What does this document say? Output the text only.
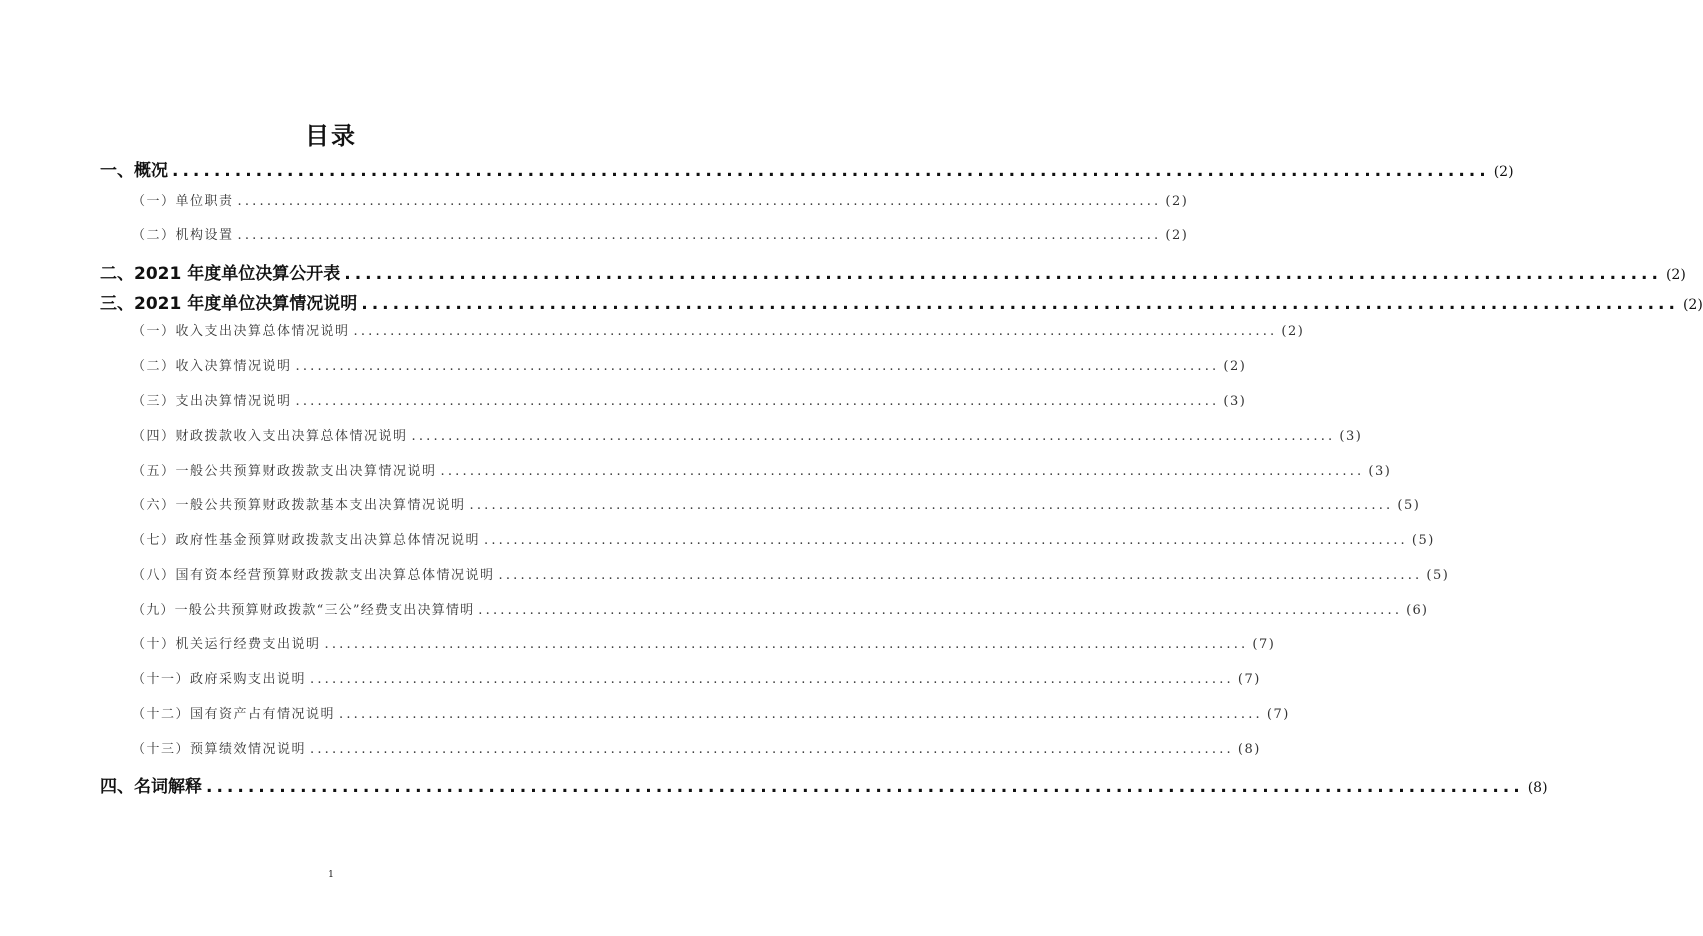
目录
一、概况 .............................................................................................................................. (2)
（一）单位职责 .............................................................................................................................. (2)
（二）机构设置 .............................................................................................................................. (2)
二、2021 年度单位决算公开表 .............................................................................................................................. (2)
三、2021 年度单位决算情况说明 .............................................................................................................................. (2)
（一）收入支出决算总体情况说明 .............................................................................................................................. (2)
（二）收入决算情况说明 .............................................................................................................................. (2)
（三）支出决算情况说明 .............................................................................................................................. (3)
（四）财政拨款收入支出决算总体情况说明 .............................................................................................................................. (3)
（五）一般公共预算财政拨款支出决算情况说明 .............................................................................................................................. (3)
（六）一般公共预算财政拨款基本支出决算情况说明 .............................................................................................................................. (5)
（七）政府性基金预算财政拨款支出决算总体情况说明 .............................................................................................................................. (5)
（八）国有资本经营预算财政拨款支出决算总体情况说明 .............................................................................................................................. (5)
（九）一般公共预算财政拨款“三公”经费支出决算情明 .............................................................................................................................. (6)
（十）机关运行经费支出说明 .............................................................................................................................. (7)
（十一）政府采购支出说明 .............................................................................................................................. (7)
（十二）国有资产占有情况说明 .............................................................................................................................. (7)
（十三）预算绩效情况说明 .............................................................................................................................. (8)
四、名词解释 .............................................................................................................................. (8)
1
